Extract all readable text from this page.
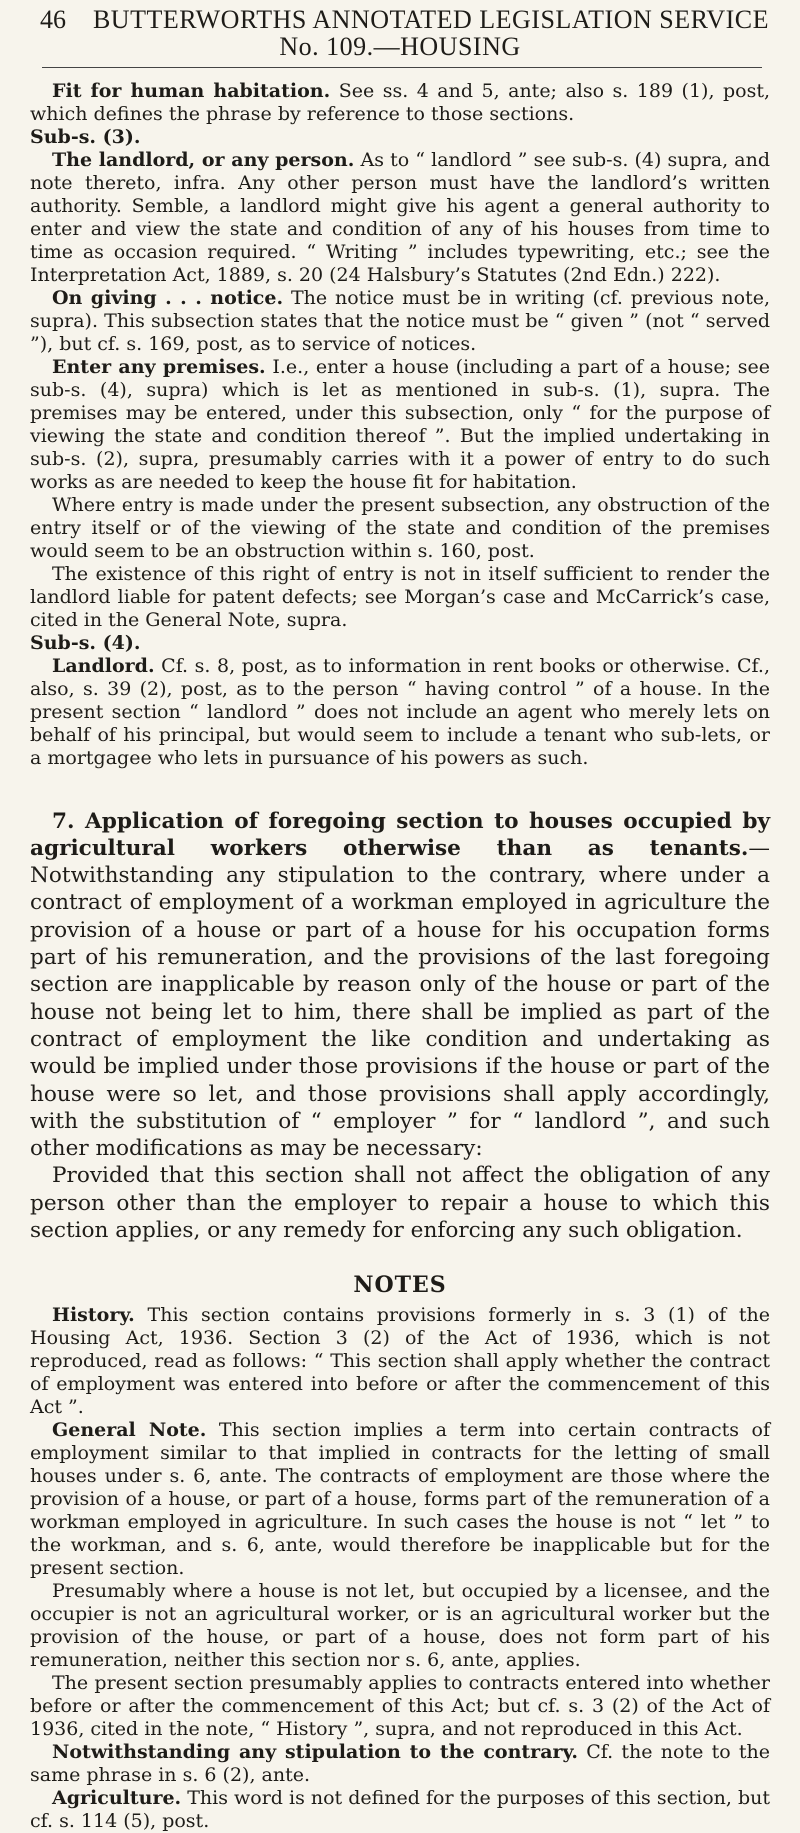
46	BUTTERWORTHS ANNOTATED LEGISLATION SERVICE
No. 109.—HOUSING

Fit for human habitation. See ss. 4 and 5, ante; also s. 189 (1), post, which defines the phrase by reference to those sections.

Sub-s. (3).

The landlord, or any person. As to “ landlord ” see sub-s. (4) supra, and note thereto, infra. Any other person must have the landlord’s written authority. Semble, a landlord might give his agent a general authority to enter and view the state and condition of any of his houses from time to time as occasion required. “ Writing ” includes typewriting, etc.; see the Interpretation Act, 1889, s. 20 (24 Halsbury’s Statutes (2nd Edn.) 222).

On giving . . . notice. The notice must be in writing (cf. previous note, supra). This subsection states that the notice must be “ given ” (not “ served ”), but cf. s. 169, post, as to service of notices.

Enter any premises. I.e., enter a house (including a part of a house; see sub-s. (4), supra) which is let as mentioned in sub-s. (1), supra. The premises may be entered, under this subsection, only “ for the purpose of viewing the state and condition thereof ”. But the implied undertaking in sub-s. (2), supra, presumably carries with it a power of entry to do such works as are needed to keep the house fit for habitation.

Where entry is made under the present subsection, any obstruction of the entry itself or of the viewing of the state and condition of the premises would seem to be an obstruction within s. 160, post.

The existence of this right of entry is not in itself sufficient to render the landlord liable for patent defects; see Morgan’s case and McCarrick’s case, cited in the General Note, supra.

Sub-s. (4).

Landlord. Cf. s. 8, post, as to information in rent books or otherwise. Cf., also, s. 39 (2), post, as to the person “ having control ” of a house. In the present section “ landlord ” does not include an agent who merely lets on behalf of his principal, but would seem to include a tenant who sub-lets, or a mortgagee who lets in pursuance of his powers as such.

7. Application of foregoing section to houses occupied by agricultural workers otherwise than as tenants.—Notwithstanding any stipulation to the contrary, where under a contract of employment of a workman employed in agriculture the provision of a house or part of a house for his occupation forms part of his remuneration, and the provisions of the last foregoing section are inapplicable by reason only of the house or part of the house not being let to him, there shall be implied as part of the contract of employment the like condition and undertaking as would be implied under those provisions if the house or part of the house were so let, and those provisions shall apply accordingly, with the substitution of “ employer ” for “ landlord ”, and such other modifications as may be necessary:

Provided that this section shall not affect the obligation of any person other than the employer to repair a house to which this section applies, or any remedy for enforcing any such obligation.

NOTES

History. This section contains provisions formerly in s. 3 (1) of the Housing Act, 1936. Section 3 (2) of the Act of 1936, which is not reproduced, read as follows: “ This section shall apply whether the contract of employment was entered into before or after the commencement of this Act ”.

General Note. This section implies a term into certain contracts of employment similar to that implied in contracts for the letting of small houses under s. 6, ante. The contracts of employment are those where the provision of a house, or part of a house, forms part of the remuneration of a workman employed in agriculture. In such cases the house is not “ let ” to the workman, and s. 6, ante, would therefore be inapplicable but for the present section.

Presumably where a house is not let, but occupied by a licensee, and the occupier is not an agricultural worker, or is an agricultural worker but the provision of the house, or part of a house, does not form part of his remuneration, neither this section nor s. 6, ante, applies.

The present section presumably applies to contracts entered into whether before or after the commencement of this Act; but cf. s. 3 (2) of the Act of 1936, cited in the note, “ History ”, supra, and not reproduced in this Act.

Notwithstanding any stipulation to the contrary. Cf. the note to the same phrase in s. 6 (2), ante.

Agriculture. This word is not defined for the purposes of this section, but cf. s. 114 (5), post.
